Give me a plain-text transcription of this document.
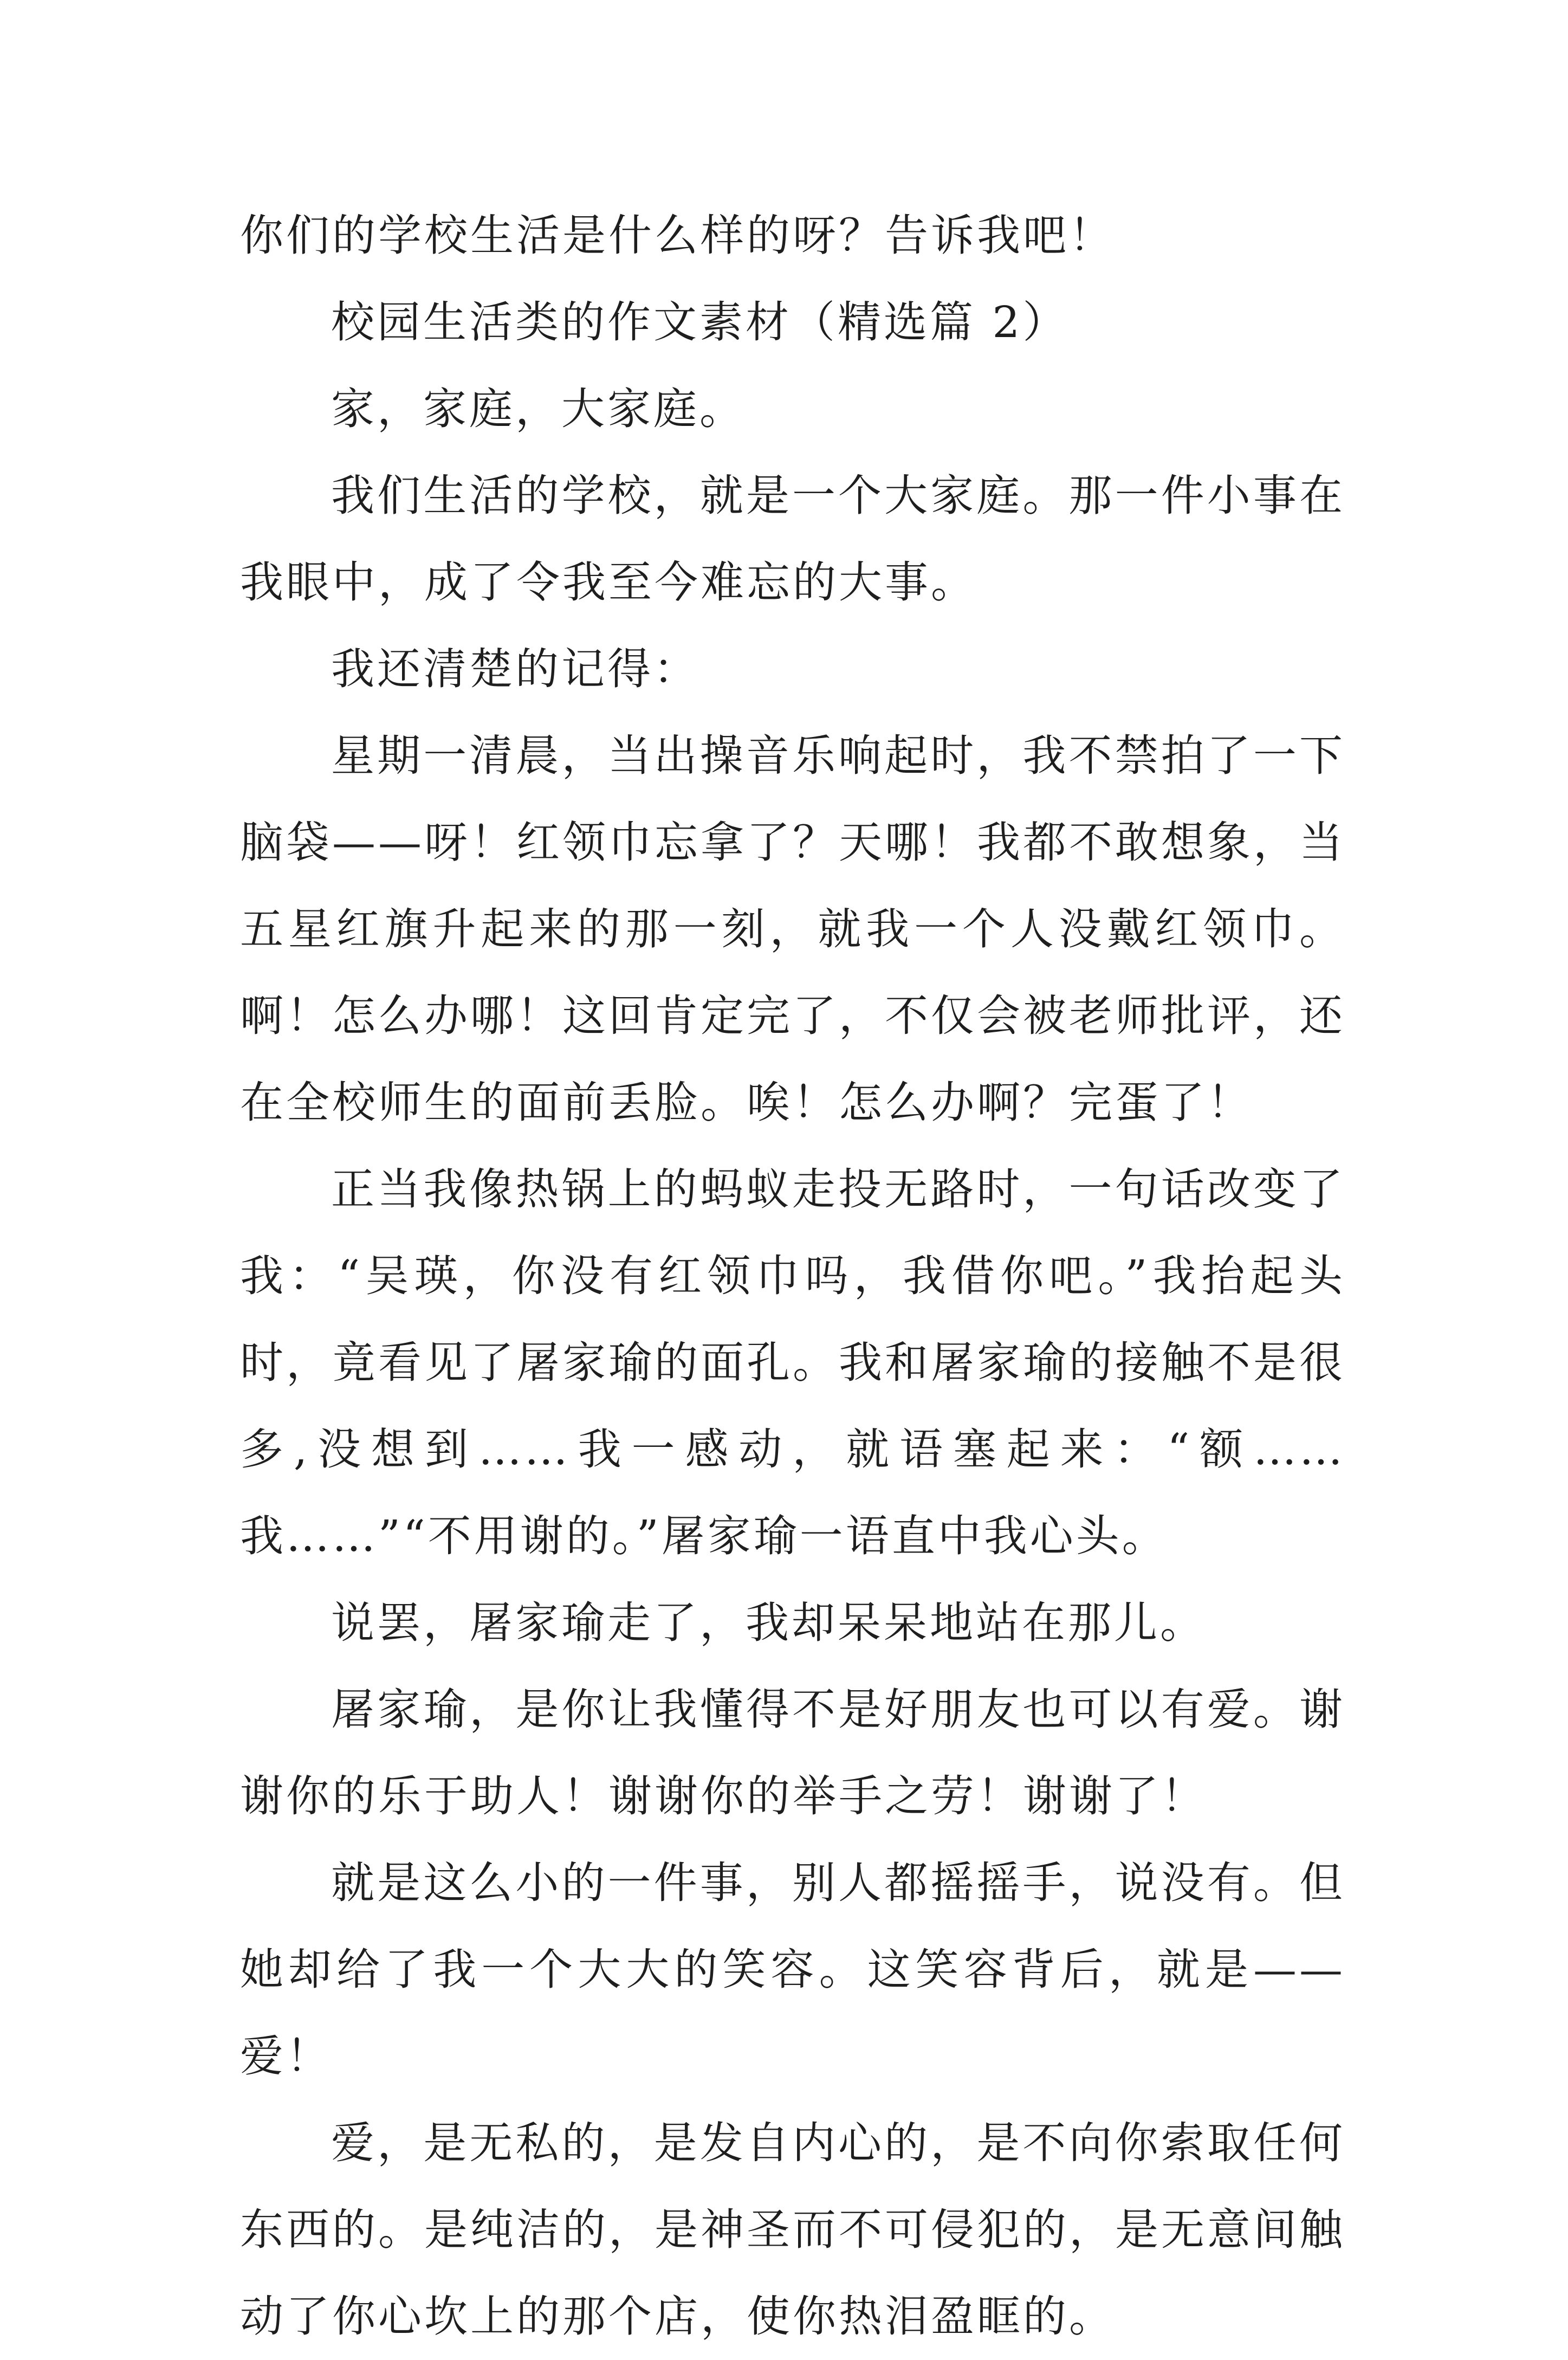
你们的学校生活是什么样的呀？告诉我吧！

校园生活类的作文素材（精选篇 2）

家，家庭，大家庭。

我们生活的学校，就是一个大家庭。那一件小事在我眼中，成了令我至今难忘的大事。

我还清楚的记得：

星期一清晨，当出操音乐响起时，我不禁拍了一下脑袋——呀！红领巾忘拿了？天哪！我都不敢想象，当五星红旗升起来的那一刻，就我一个人没戴红领巾。啊！怎么办哪！这回肯定完了，不仅会被老师批评，还在全校师生的面前丢脸。唉！怎么办啊？完蛋了！

正当我像热锅上的蚂蚁走投无路时，一句话改变了我：“吴瑛，你没有红领巾吗，我借你吧。”我抬起头时，竟看见了屠家瑜的面孔。我和屠家瑜的接触不是很多,没想到……我一感动，就语塞起来：“额……我……”“不用谢的。”屠家瑜一语直中我心头。

说罢，屠家瑜走了，我却呆呆地站在那儿。

屠家瑜，是你让我懂得不是好朋友也可以有爱。谢谢你的乐于助人！谢谢你的举手之劳！谢谢了！

就是这么小的一件事，别人都摇摇手，说没有。但她却给了我一个大大的笑容。这笑容背后，就是——爱！

爱，是无私的，是发自内心的，是不向你索取任何东西的。是纯洁的，是神圣而不可侵犯的，是无意间触动了你心坎上的那个店，使你热泪盈眶的。
